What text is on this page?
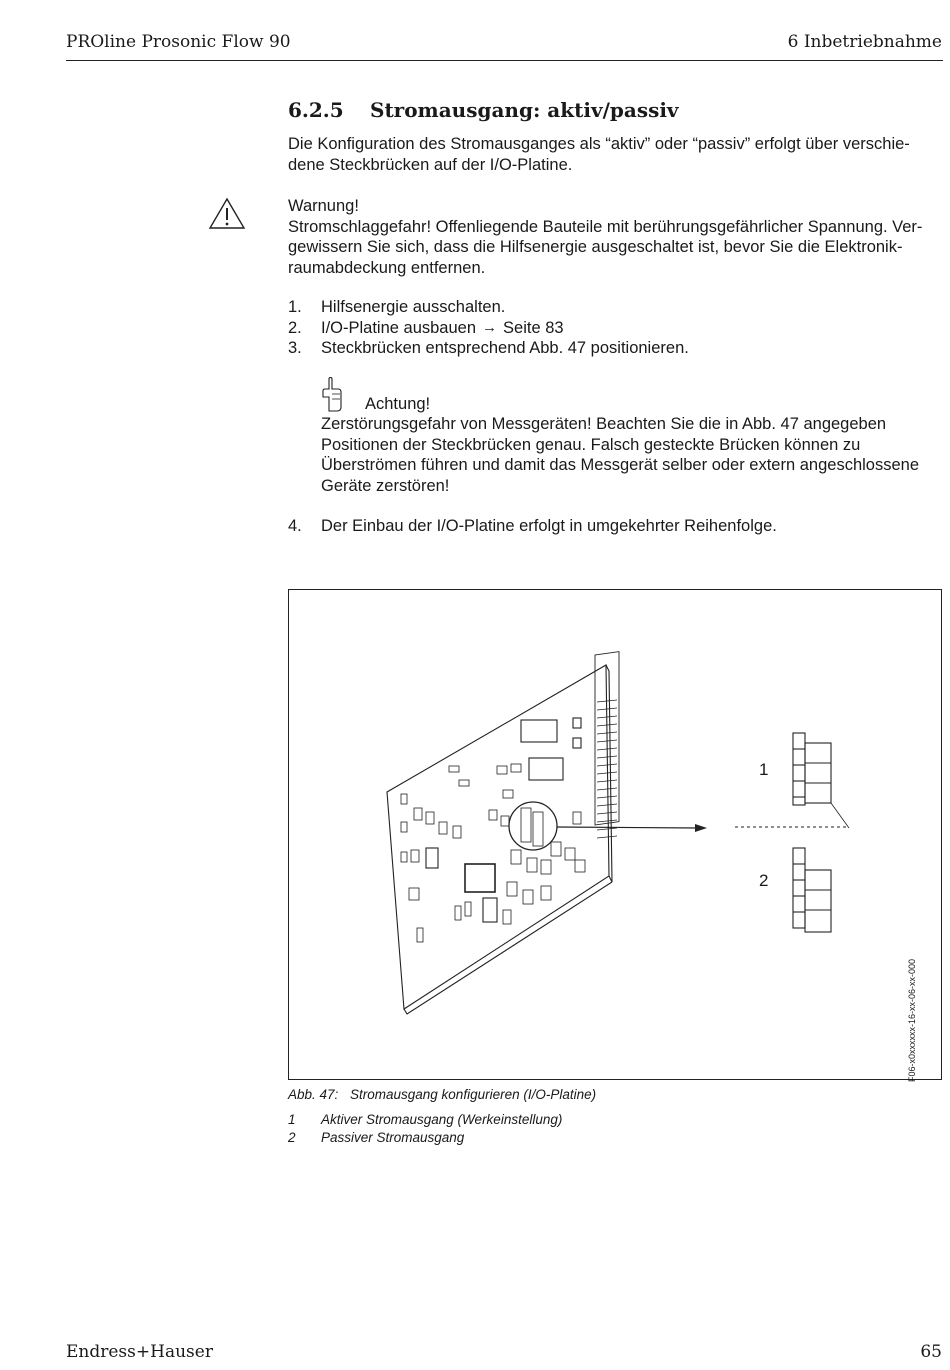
PROline Prosonic Flow 90	6 Inbetriebnahme
6.2.5 Stromausgang: aktiv/passiv
Die Konfiguration des Stromausganges als “aktiv” oder “passiv” erfolgt über verschie-
dene Steckbrücken auf der I/O-Platine.
Warnung!
Stromschlaggefahr! Offenliegende Bauteile mit berührungsgefährlicher Spannung. Ver-
gewissern Sie sich, dass die Hilfsenergie ausgeschaltet ist, bevor Sie die Elektronik-
raumabdeckung entfernen.
1.	Hilfsenergie ausschalten.
2.	I/O-Platine ausbauen → Seite 83
3.	Steckbrücken entsprechend Abb. 47 positionieren.
Achtung!
Zerstörungsgefahr von Messgeräten! Beachten Sie die in Abb. 47 angegeben
Positionen der Steckbrücken genau. Falsch gesteckte Brücken können zu
Überströmen führen und damit das Messgerät selber oder extern angeschlossene
Geräte zerstören!
4.	Der Einbau der I/O-Platine erfolgt in umgekehrter Reihenfolge.
1
2
F06-x0xxxxxx-16-xx-06-xx-000
Abb. 47: Stromausgang konfigurieren (I/O-Platine)
1 Aktiver Stromausgang (Werkeinstellung)
2 Passiver Stromausgang
Endress+Hauser	65
